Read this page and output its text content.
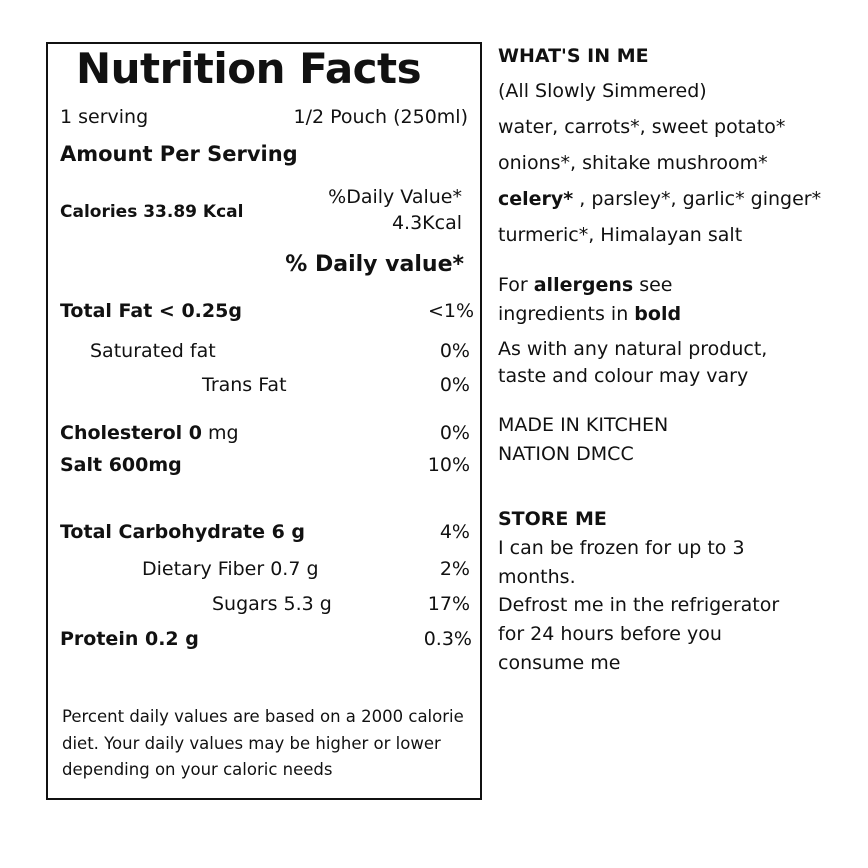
Nutrition Facts
1 serving	1/2 Pouch (250ml)
Amount Per Serving
Calories 33.89 Kcal
%Daily Value*
4.3Kcal
% Daily value*
Total Fat < 0.25g	<1%
Saturated fat	0%
Trans Fat	0%
Cholesterol 0 mg	0%
Salt 600mg	10%
Total Carbohydrate 6 g	4%
Dietary Fiber 0.7 g	2%
Sugars 5.3 g	17%
Protein 0.2 g	0.3%
Percent daily values are based on a 2000 calorie diet. Your daily values may be higher or lower depending on your caloric needs
WHAT'S IN ME
(All Slowly Simmered)
water, carrots*, sweet potato*
onions*, shitake mushroom*
celery* , parsley*, garlic* ginger*
turmeric*, Himalayan salt
For allergens see
ingredients in bold
As with any natural product,
taste and colour may vary
MADE IN KITCHEN
NATION DMCC
STORE ME
I can be frozen for up to 3
months.
Defrost me in the refrigerator
for 24 hours before you
consume me
